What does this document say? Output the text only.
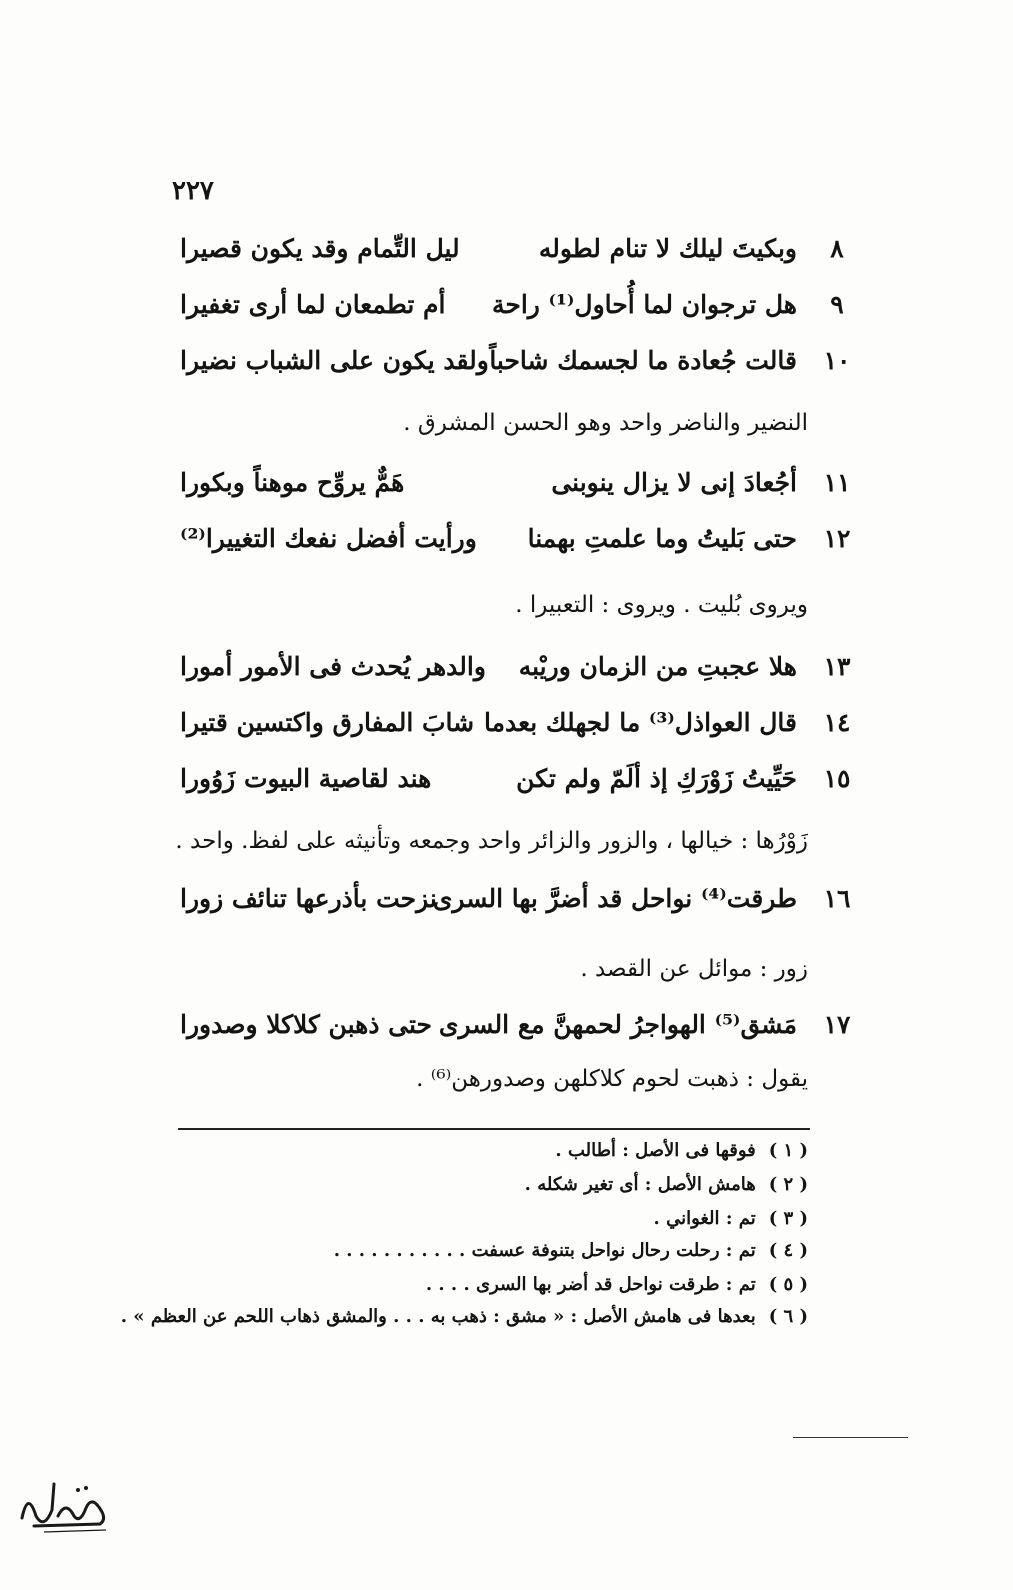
٢٢٧
٨
وبكيتَ ليلك لا تنام لطوله
ليل التِّمام وقد يكون قصيرا
٩
هل ترجوان لما أُحاول⁽¹⁾ راحة
أم تطمعان لما أرى تغفيرا
١٠
قالت جُعادة ما لجسمك شاحباً
ولقد يكون على الشباب نضيرا
النضير والناضر واحد وهو الحسن المشرق .
١١
أجُعادَ إنى لا يزال ينوبنى
هَمٌّ يروِّح موهناً وبكورا
١٢
حتى بَليتُ وما علمتِ بهمنا
ورأيت أفضل نفعك التغييرا⁽²⁾
ويروى بُليت . ويروى : التعبيرا .
١٣
هلا عجبتِ من الزمان وريْبه
والدهر يُحدث فى الأمور أمورا
١٤
قال العواذل⁽³⁾ ما لجهلك بعدما
شابَ المفارق واكتسين قتيرا
١٥
حَيِّيتُ زَوْرَكِ إذ ألَمّ ولم تكن
هند لقاصية البيوت زَوُورا
زَوْرُها : خيالها ، والزور والزائر واحد وجمعه وتأنيثه على لفظ. واحد .
١٦
طرقت⁽⁴⁾ نواحل قد أضرَّ بها السرى
نزحت بأذرعها تنائف زورا
زور : موائل عن القصد .
١٧
مَشق⁽⁵⁾ الهواجرُ لحمهنَّ مع السرى
حتى ذهبن كلاكلا وصدورا
يقول : ذهبت لحوم كلاكلهن وصدورهن⁽⁶⁾ .
( ١ ) فوقها فى الأصل : أطالب .
( ٢ ) هامش الأصل : أى تغير شكله .
( ٣ ) تم : الغواني .
( ٤ ) تم : رحلت رحال نواحل بتنوفة عسفت . . . . . . . . . . .
( ٥ ) تم : طرقت نواحل قد أضر بها السرى . . . .
( ٦ ) بعدها فى هامش الأصل : « مشق : ذهب به . . . والمشق ذهاب اللحم عن العظم » .
